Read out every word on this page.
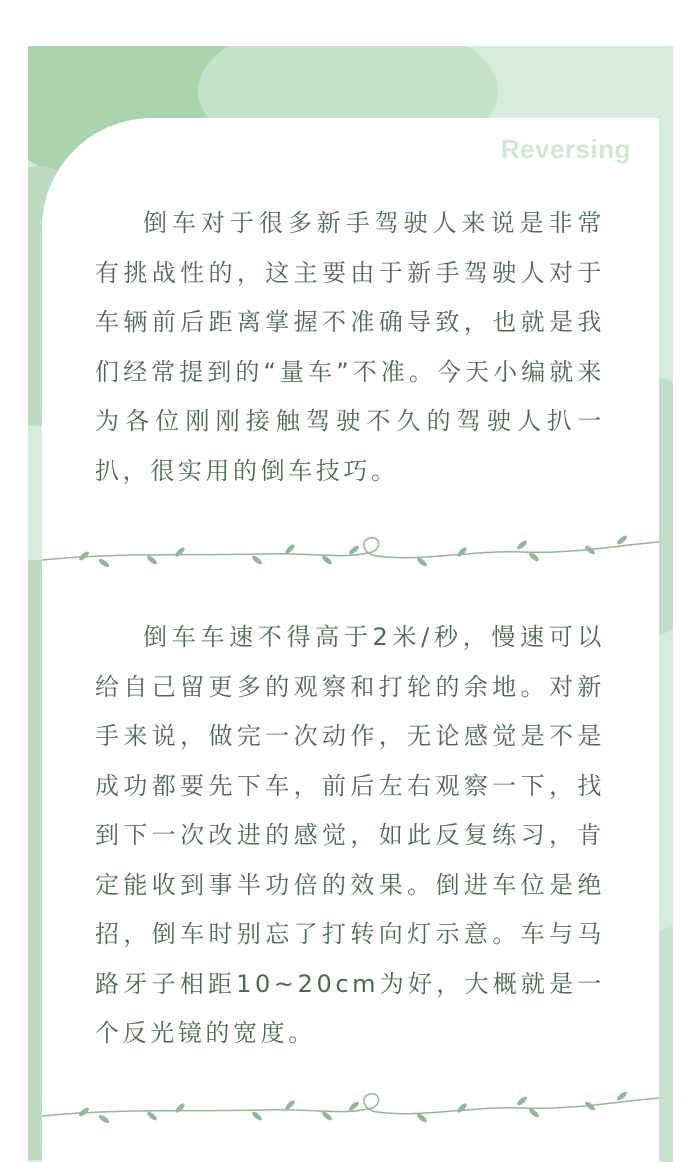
Reversing

倒车对于很多新手驾驶人来说是非常有挑战性的，这主要由于新手驾驶人对于车辆前后距离掌握不准确导致，也就是我们经常提到的“量车”不准。今天小编就来为各位刚刚接触驾驶不久的驾驶人扒一扒，很实用的倒车技巧。

倒车车速不得高于2米/秒，慢速可以给自己留更多的观察和打轮的余地。对新手来说，做完一次动作，无论感觉是不是成功都要先下车，前后左右观察一下，找到下一次改进的感觉，如此反复练习，肯定能收到事半功倍的效果。倒进车位是绝招，倒车时别忘了打转向灯示意。车与马路牙子相距10~20cm为好，大概就是一个反光镜的宽度。
